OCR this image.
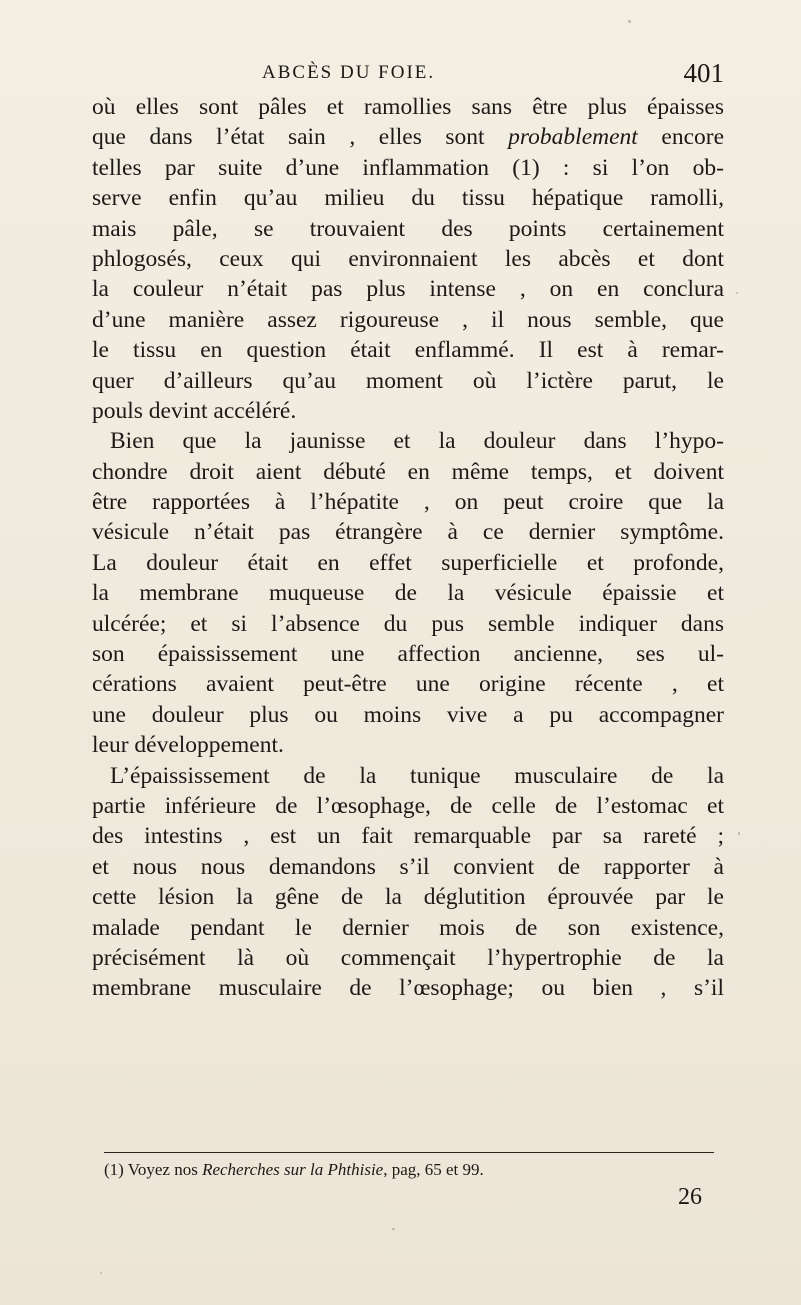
ABCÈS DU FOIE.	401
où elles sont pâles et ramollies sans être plus épaisses
que dans l’état sain , elles sont probablement encore
telles par suite d’une inflammation (1) : si l’on ob-
serve enfin qu’au milieu du tissu hépatique ramolli,
mais pâle, se trouvaient des points certainement
phlogosés, ceux qui environnaient les abcès et dont
la couleur n’était pas plus intense , on en conclura
d’une manière assez rigoureuse , il nous semble, que
le tissu en question était enflammé. Il est à remar-
quer d’ailleurs qu’au moment où l’ictère parut, le
pouls devint accéléré.
Bien que la jaunisse et la douleur dans l’hypo-
chondre droit aient débuté en même temps, et doivent
être rapportées à l’hépatite , on peut croire que la
vésicule n’était pas étrangère à ce dernier symptôme.
La douleur était en effet superficielle et profonde,
la membrane muqueuse de la vésicule épaissie et
ulcérée; et si l’absence du pus semble indiquer dans
son épaississement une affection ancienne, ses ul-
cérations avaient peut-être une origine récente , et
une douleur plus ou moins vive a pu accompagner
leur développement.
L’épaississement de la tunique musculaire de la
partie inférieure de l’œsophage, de celle de l’estomac et
des intestins , est un fait remarquable par sa rareté ;
et nous nous demandons s’il convient de rapporter à
cette lésion la gêne de la déglutition éprouvée par le
malade pendant le dernier mois de son existence,
précisément là où commençait l’hypertrophie de la
membrane musculaire de l’œsophage; ou bien , s’il
(1) Voyez nos Recherches sur la Phthisie, pag, 65 et 99.
26
